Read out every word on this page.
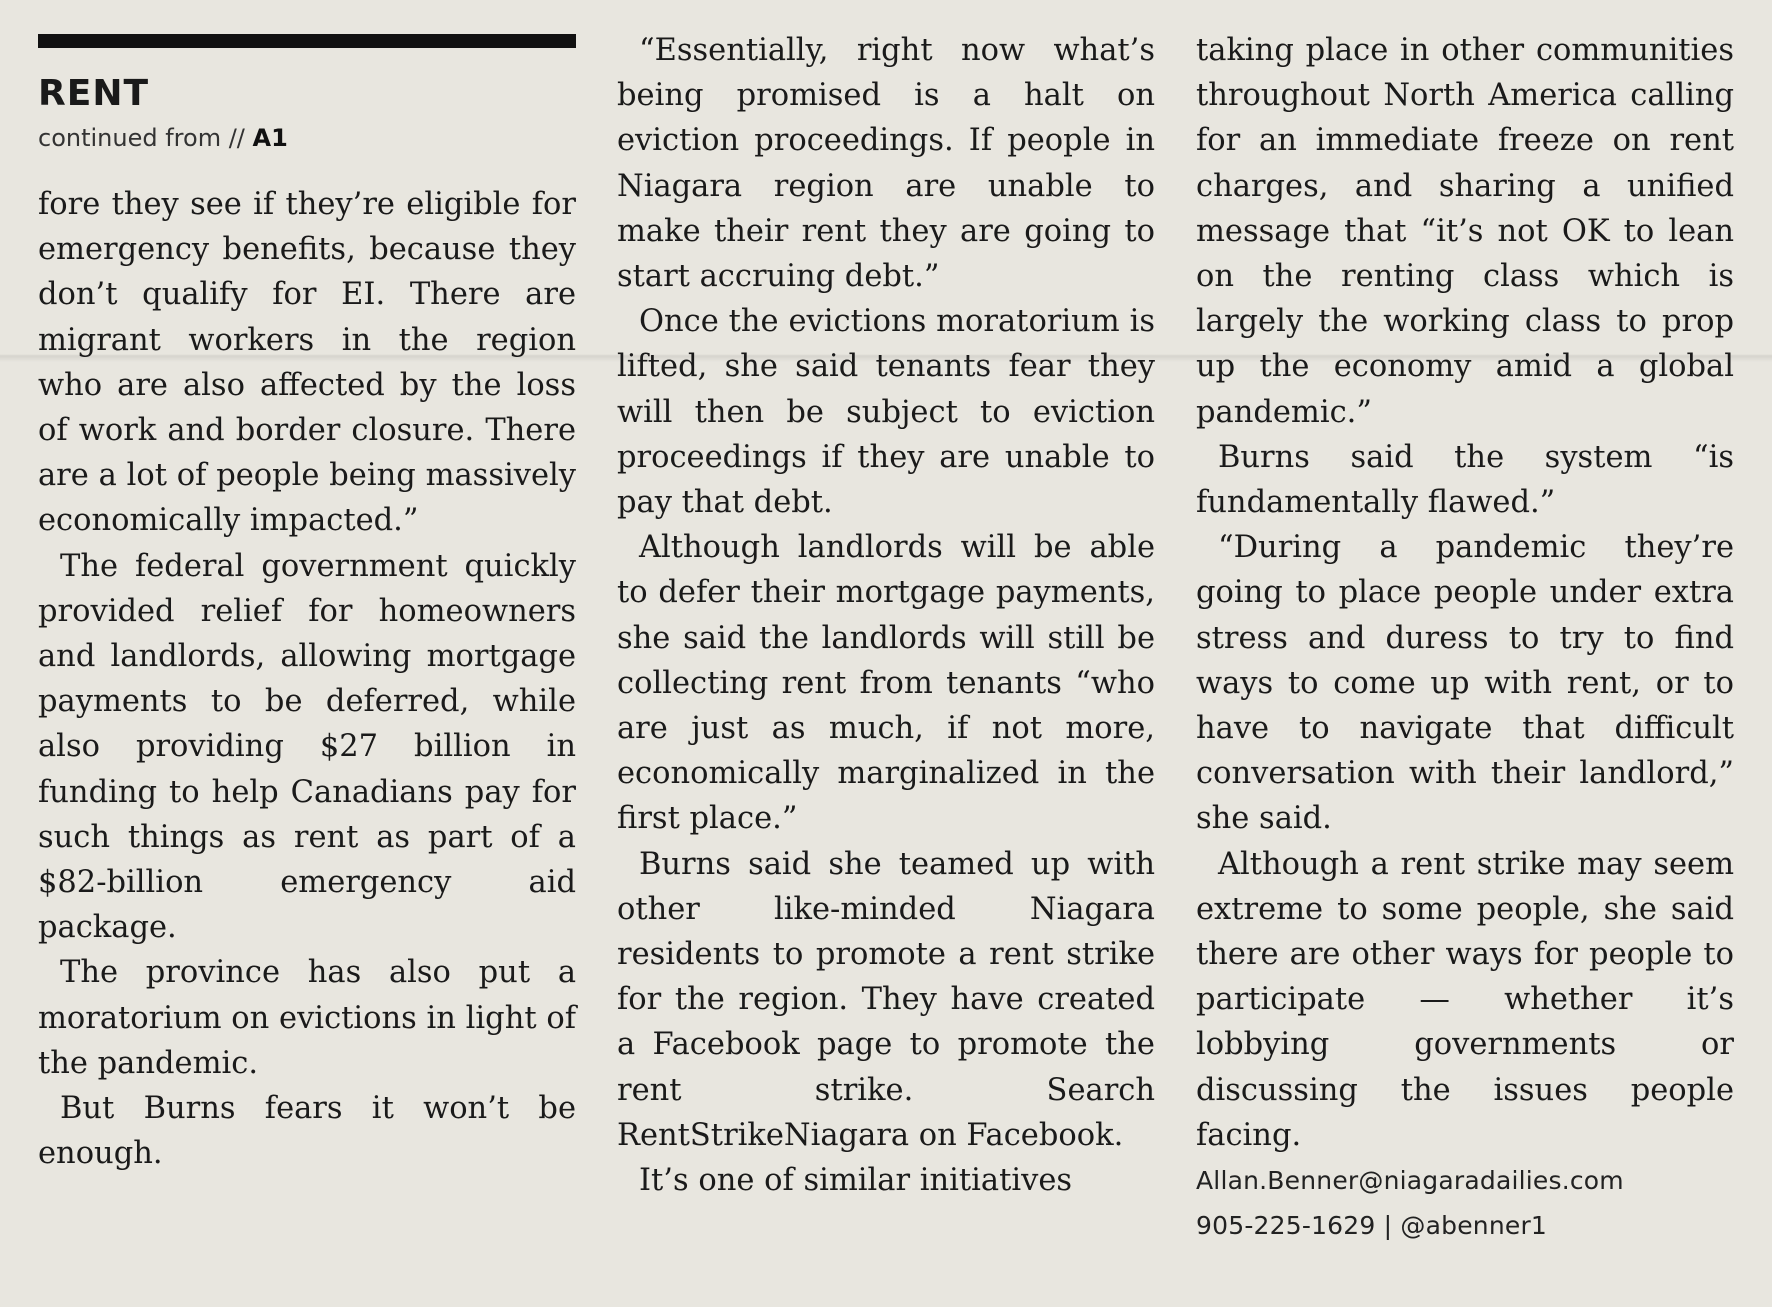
RENT
continued from // A1

fore they see if they’re eligible for emergency benefits, because they don’t qualify for EI. There are migrant workers in the region who are also affected by the loss of work and border closure. There are a lot of people being massively economically impacted.”

The federal government quickly provided relief for homeowners and landlords, allowing mortgage payments to be deferred, while also providing $27 billion in funding to help Canadians pay for such things as rent as part of a $82-billion emergency aid package.

The province has also put a moratorium on evictions in light of the pandemic.

But Burns fears it won’t be enough.

“Essentially, right now what’s being promised is a halt on eviction proceedings. If people in Niagara region are unable to make their rent they are going to start accruing debt.”

Once the evictions moratorium is lifted, she said tenants fear they will then be subject to eviction proceedings if they are unable to pay that debt.

Although landlords will be able to defer their mortgage payments, she said the landlords will still be collecting rent from tenants “who are just as much, if not more, economically marginalized in the first place.”

Burns said she teamed up with other like-minded Niagara residents to promote a rent strike for the region. They have created a Facebook page to promote the rent strike. Search RentStrikeNiagara on Facebook.

It’s one of similar initiatives

taking place in other communities throughout North America calling for an immediate freeze on rent charges, and sharing a unified message that “it’s not OK to lean on the renting class which is largely the working class to prop up the economy amid a global pandemic.”

Burns said the system “is fundamentally flawed.”

“During a pandemic they’re going to place people under extra stress and duress to try to find ways to come up with rent, or to have to navigate that difficult conversation with their landlord,” she said.

Although a rent strike may seem extreme to some people, she said there are other ways for people to participate — whether it’s lobbying governments or discussing the issues people facing.

Allan.Benner@niagaradailies.com
905-225-1629 | @abenner1
